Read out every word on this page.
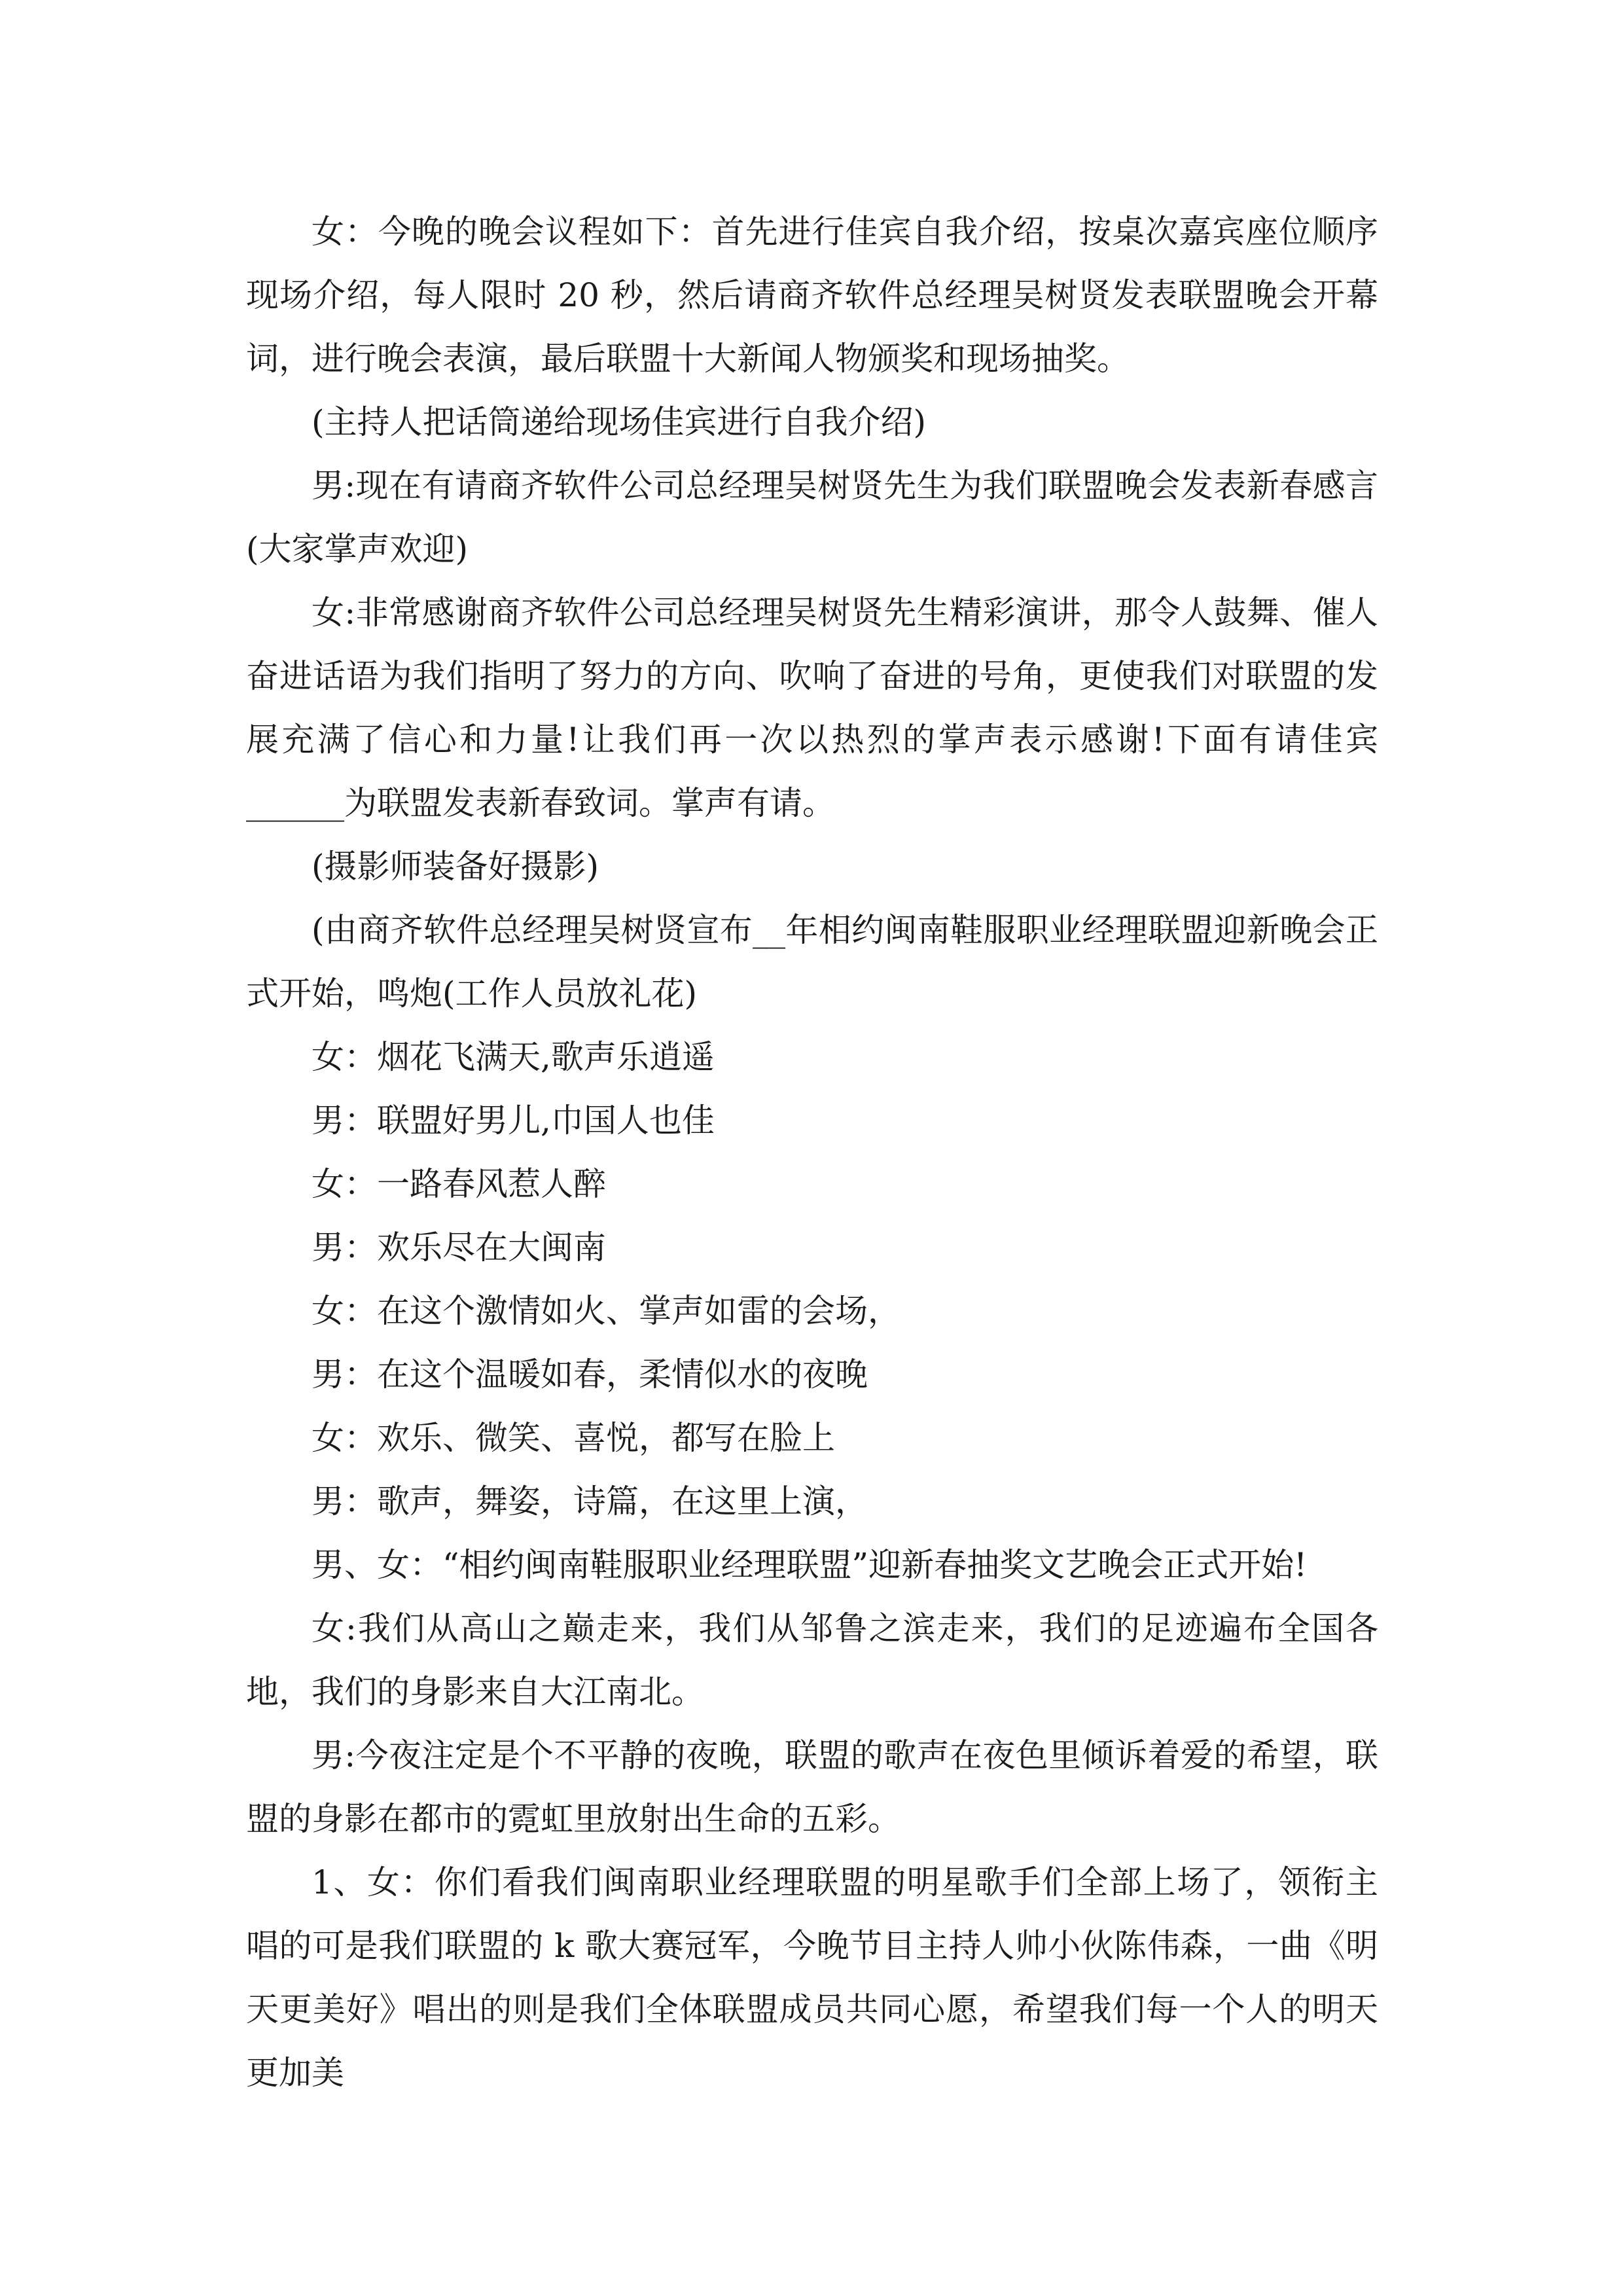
女：今晚的晚会议程如下：首先进行佳宾自我介绍，按桌次嘉宾座位顺序现场介绍，每人限时 20 秒，然后请商齐软件总经理吴树贤发表联盟晚会开幕词，进行晚会表演，最后联盟十大新闻人物颁奖和现场抽奖。

(主持人把话筒递给现场佳宾进行自我介绍)

男:现在有请商齐软件公司总经理吴树贤先生为我们联盟晚会发表新春感言(大家掌声欢迎)

女:非常感谢商齐软件公司总经理吴树贤先生精彩演讲，那令人鼓舞、催人奋进话语为我们指明了努力的方向、吹响了奋进的号角，更使我们对联盟的发展充满了信心和力量!让我们再一次以热烈的掌声表示感谢!下面有请佳宾______为联盟发表新春致词。掌声有请。

(摄影师装备好摄影)

(由商齐软件总经理吴树贤宣布__年相约闽南鞋服职业经理联盟迎新晚会正式开始，鸣炮(工作人员放礼花)

女：烟花飞满天,歌声乐逍遥

男：联盟好男儿,巾国人也佳

女：一路春风惹人醉

男：欢乐尽在大闽南

女：在这个激情如火、掌声如雷的会场，

男：在这个温暖如春，柔情似水的夜晚

女：欢乐、微笑、喜悦，都写在脸上

男：歌声，舞姿，诗篇，在这里上演，

男、女：“相约闽南鞋服职业经理联盟”迎新春抽奖文艺晚会正式开始!

女:我们从高山之巅走来，我们从邹鲁之滨走来，我们的足迹遍布全国各地，我们的身影来自大江南北。

男:今夜注定是个不平静的夜晚，联盟的歌声在夜色里倾诉着爱的希望，联盟的身影在都市的霓虹里放射出生命的五彩。

1、女：你们看我们闽南职业经理联盟的明星歌手们全部上场了，领衔主唱的可是我们联盟的 k 歌大赛冠军，今晚节目主持人帅小伙陈伟森，一曲《明天更美好》唱出的则是我们全体联盟成员共同心愿，希望我们每一个人的明天更加美
